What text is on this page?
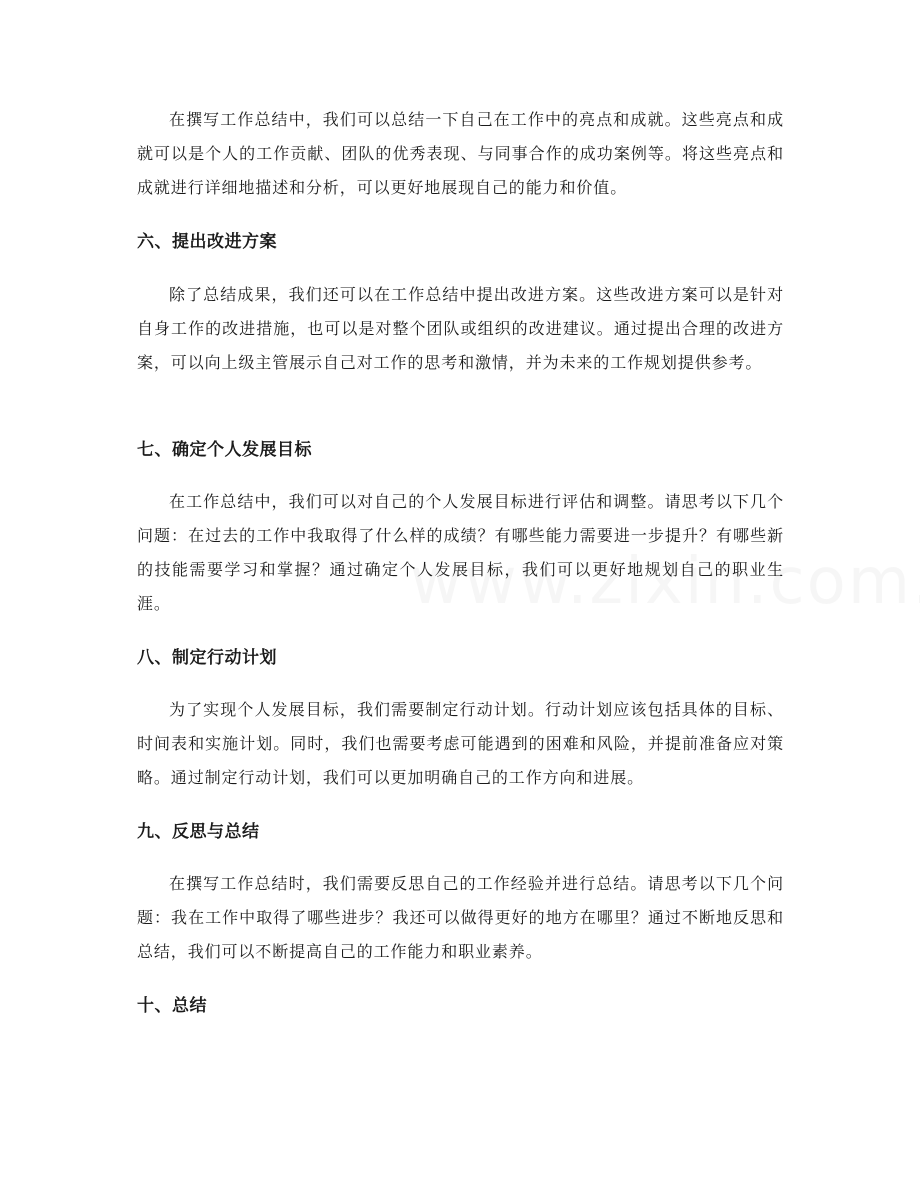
在撰写工作总结中，我们可以总结一下自己在工作中的亮点和成就。这些亮点和成就可以是个人的工作贡献、团队的优秀表现、与同事合作的成功案例等。将这些亮点和成就进行详细地描述和分析，可以更好地展现自己的能力和价值。

六、提出改进方案

除了总结成果，我们还可以在工作总结中提出改进方案。这些改进方案可以是针对自身工作的改进措施，也可以是对整个团队或组织的改进建议。通过提出合理的改进方案，可以向上级主管展示自己对工作的思考和激情，并为未来的工作规划提供参考。

七、确定个人发展目标

在工作总结中，我们可以对自己的个人发展目标进行评估和调整。请思考以下几个问题：在过去的工作中我取得了什么样的成绩？有哪些能力需要进一步提升？有哪些新的技能需要学习和掌握？通过确定个人发展目标，我们可以更好地规划自己的职业生涯。

八、制定行动计划

为了实现个人发展目标，我们需要制定行动计划。行动计划应该包括具体的目标、时间表和实施计划。同时，我们也需要考虑可能遇到的困难和风险，并提前准备应对策略。通过制定行动计划，我们可以更加明确自己的工作方向和进展。

九、反思与总结

在撰写工作总结时，我们需要反思自己的工作经验并进行总结。请思考以下几个问题：我在工作中取得了哪些进步？我还可以做得更好的地方在哪里？通过不断地反思和总结，我们可以不断提高自己的工作能力和职业素养。

十、总结
